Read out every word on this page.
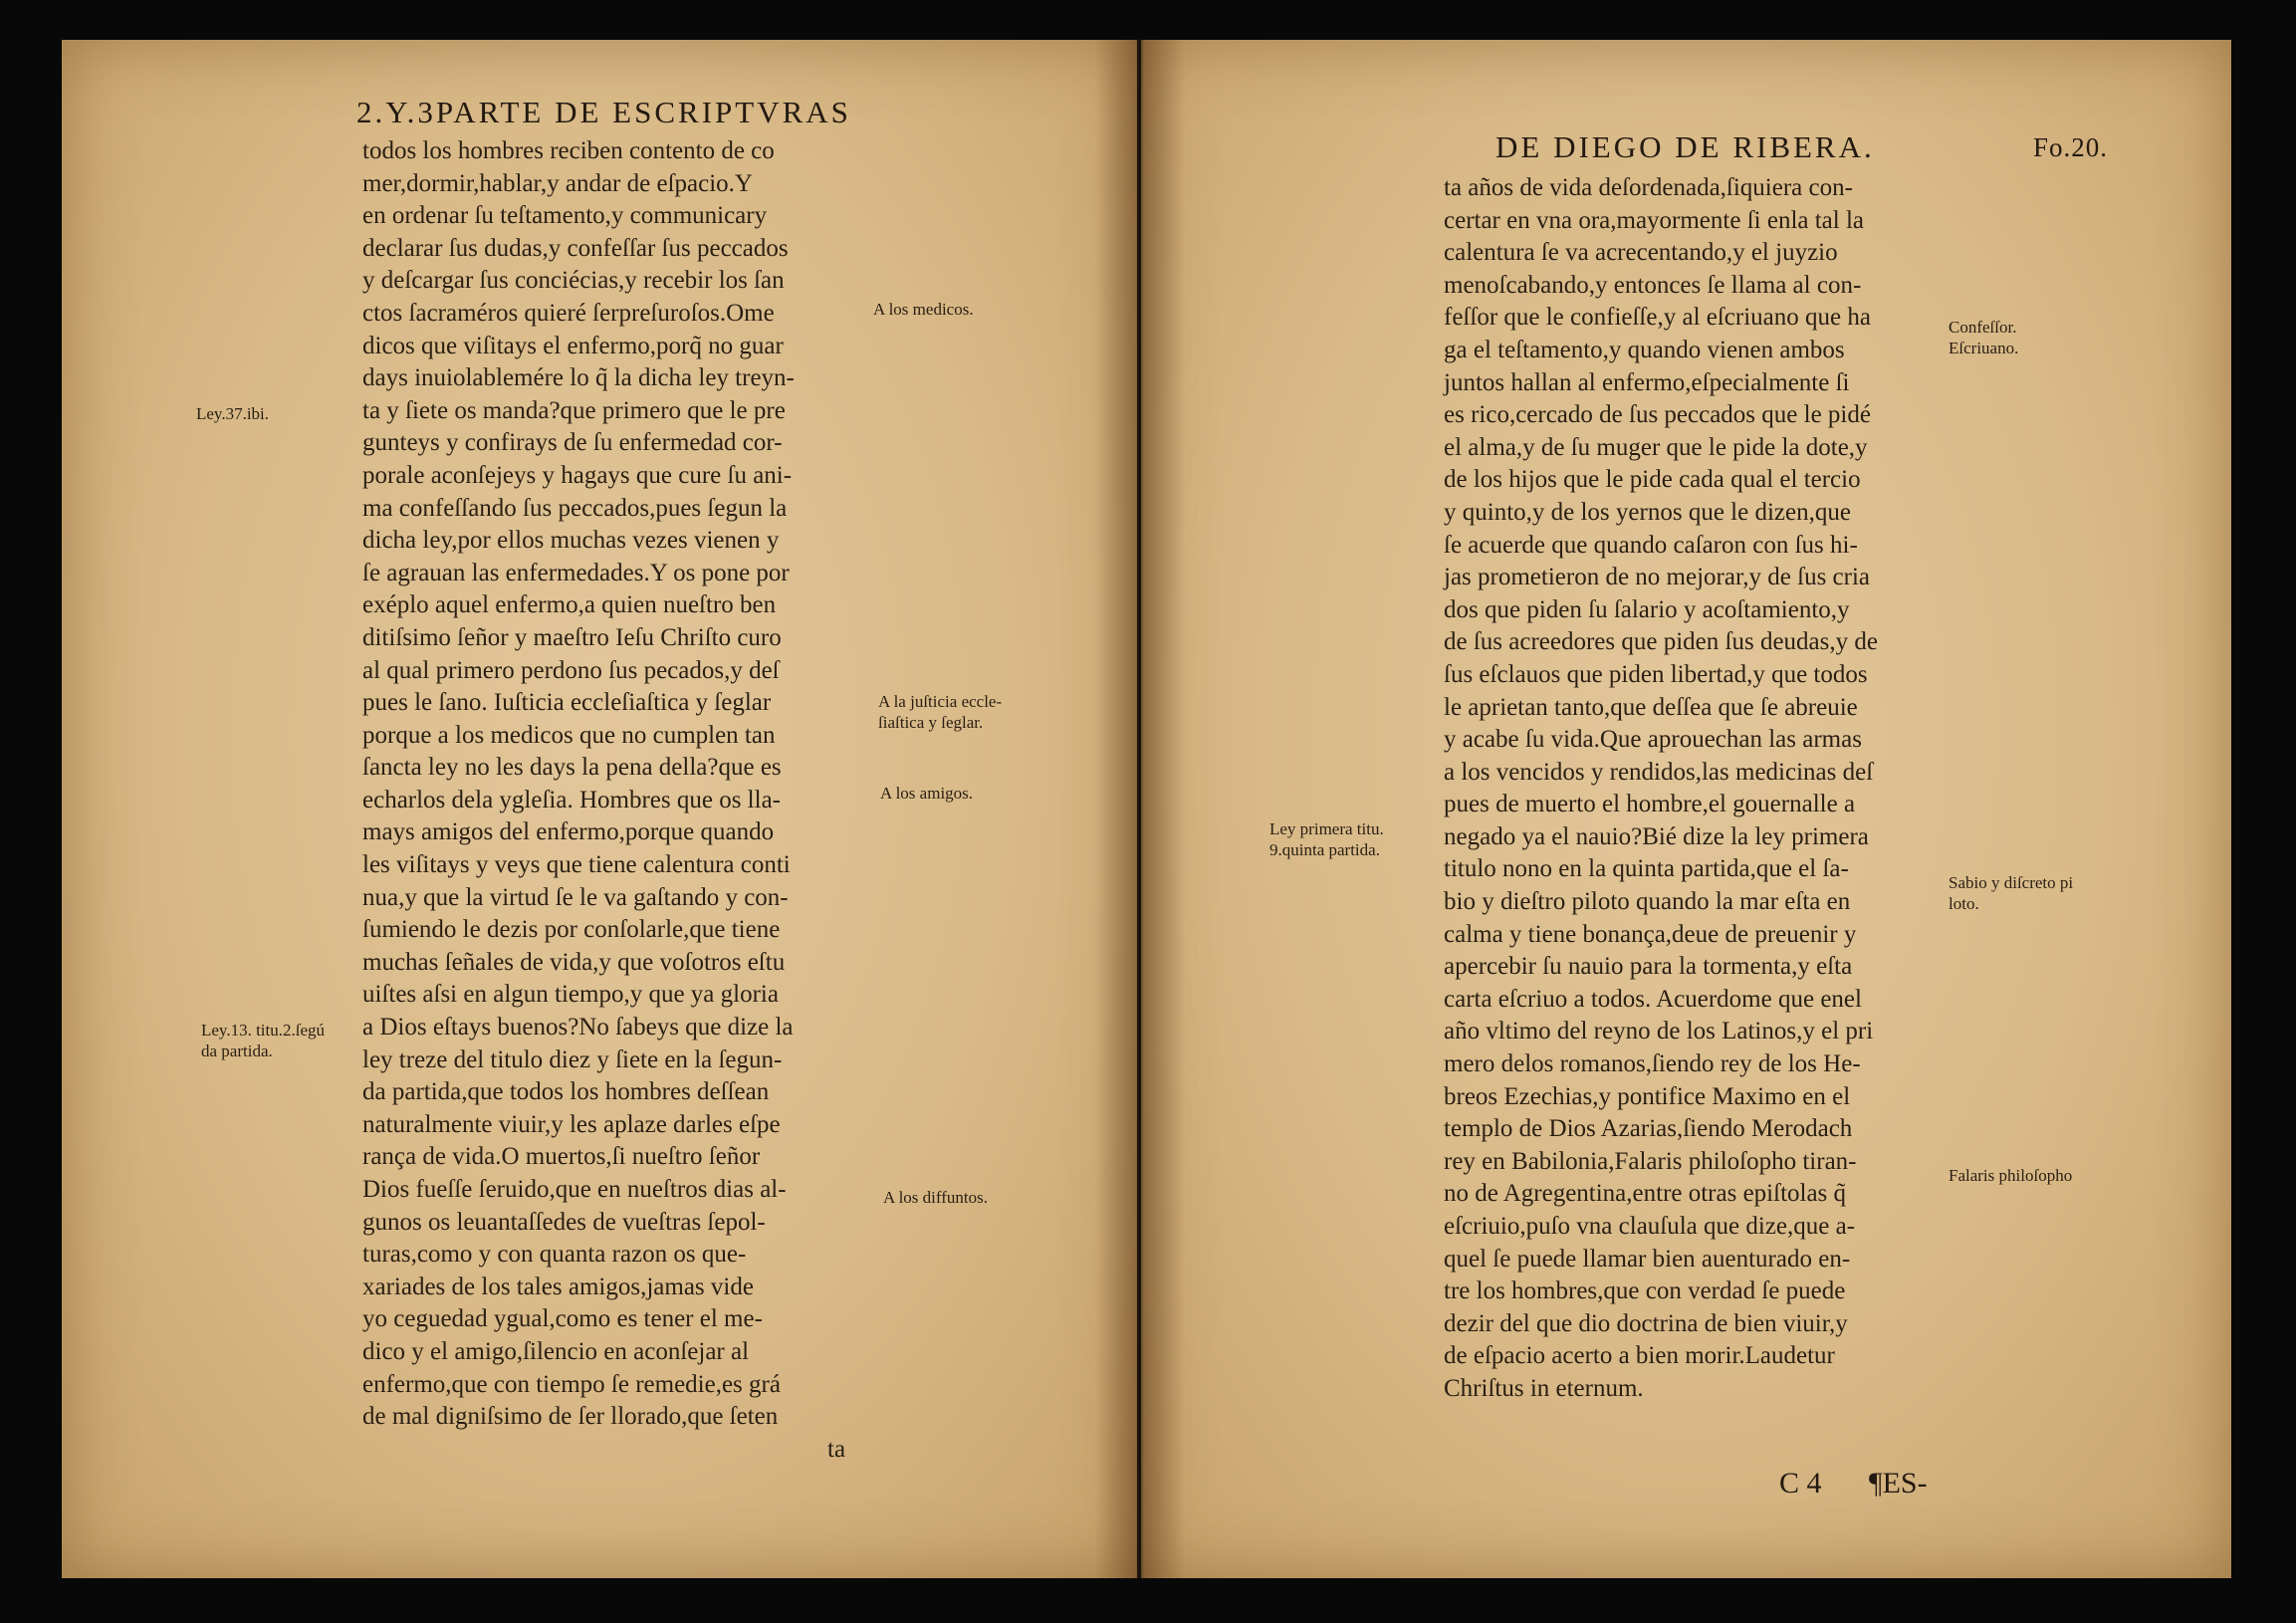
2.Y.3PARTE DE ESCRIPTVRAS

todos los hombres reciben contento de co
mer,dormir,hablar,y andar de eſpacio.Y
en ordenar ſu teſtamento,y communicary
declarar ſus dudas,y confeſſar ſus peccados
y deſcargar ſus conciécias,y recebir los ſan
ctos ſacraméros quieré ſerpreſuroſos.Ome
dicos que viſitays el enfermo,porq̃ no guar
days inuiolablemére lo q̃ la dicha ley treyn-
ta y ſiete os manda?que primero que le pre
gunteys y confirays de ſu enfermedad cor-
porale aconſejeys y hagays que cure ſu ani-
ma confeſſando ſus peccados,pues ſegun la
dicha ley,por ellos muchas vezes vienen y
ſe agrauan las enfermedades.Y os pone por
exéplo aquel enfermo,a quien nueſtro ben
ditiſsimo ſeñor y maeſtro Ieſu Chriſto curo
al qual primero perdono ſus pecados,y deſ
pues le ſano. Iuſticia eccleſiaſtica y ſeglar
porque a los medicos que no cumplen tan
ſancta ley no les days la pena della?que es
echarlos dela ygleſia. Hombres que os lla-
mays amigos del enfermo,porque quando
les viſitays y veys que tiene calentura conti
nua,y que la virtud ſe le va gaſtando y con-
ſumiendo le dezis por conſolarle,que tiene
muchas ſeñales de vida,y que voſotros eſtu
uiſtes aſsi en algun tiempo,y que ya gloria
a Dios eſtays buenos?No ſabeys que dize la
ley treze del titulo diez y ſiete en la ſegun-
da partida,que todos los hombres deſſean
naturalmente viuir,y les aplaze darles eſpe
rança de vida.O muertos,ſi nueſtro ſeñor
Dios fueſſe ſeruido,que en nueſtros dias al-
gunos os leuantaſſedes de vueſtras ſepol-
turas,como y con quanta razon os que-
xariades de los tales amigos,jamas vide
yo ceguedad ygual,como es tener el me-
dico y el amigo,ſilencio en aconſejar al
enfermo,que con tiempo ſe remedie,es grá
de mal digniſsimo de ſer llorado,que ſeten
ta
Ley.37.ibi.
Ley.13. titu.2.ſegú
da partida.
A los medicos.
A la juſticia eccle-
ſiaſtica y ſeglar.
A los amigos.
A los diffuntos.

DE DIEGO DE RIBERA.	Fo.20.

ta años de vida deſordenada,ſiquiera con-
certar en vna ora,mayormente ſi enla tal la
calentura ſe va acrecentando,y el juyzio
menoſcabando,y entonces ſe llama al con-
feſſor que le confieſſe,y al eſcriuano que ha
ga el teſtamento,y quando vienen ambos
juntos hallan al enfermo,eſpecialmente ſi
es rico,cercado de ſus peccados que le pidé
el alma,y de ſu muger que le pide la dote,y
de los hijos que le pide cada qual el tercio
y quinto,y de los yernos que le dizen,que
ſe acuerde que quando caſaron con ſus hi-
jas prometieron de no mejorar,y de ſus cria
dos que piden ſu ſalario y acoſtamiento,y
de ſus acreedores que piden ſus deudas,y de
ſus eſclauos que piden libertad,y que todos
le aprietan tanto,que deſſea que ſe abreuie
y acabe ſu vida.Que aprouechan las armas
a los vencidos y rendidos,las medicinas deſ
pues de muerto el hombre,el gouernalle a
negado ya el nauio?Bié dize la ley primera
titulo nono en la quinta partida,que el ſa-
bio y dieſtro piloto quando la mar eſta en
calma y tiene bonança,deue de preuenir y
apercebir ſu nauio para la tormenta,y eſta
carta eſcriuo a todos. Acuerdome que enel
año vltimo del reyno de los Latinos,y el pri
mero delos romanos,ſiendo rey de los He-
breos Ezechias,y pontifice Maximo en el
templo de Dios Azarias,ſiendo Merodach
rey en Babilonia,Falaris philoſopho tiran-
no de Agregentina,entre otras epiſtolas q̃
eſcriuio,puſo vna clauſula que dize,que a-
quel ſe puede llamar bien auenturado en-
tre los hombres,que con verdad ſe puede
dezir del que dio doctrina de bien viuir,y
de eſpacio acerto a bien morir.Laudetur
Chriſtus in eternum.
Confeſſor.
Eſcriuano.
Ley primera titu.
9.quinta partida.
Sabio y diſcreto pi
loto.
Falaris philoſopho

C 4 ¶ES-
